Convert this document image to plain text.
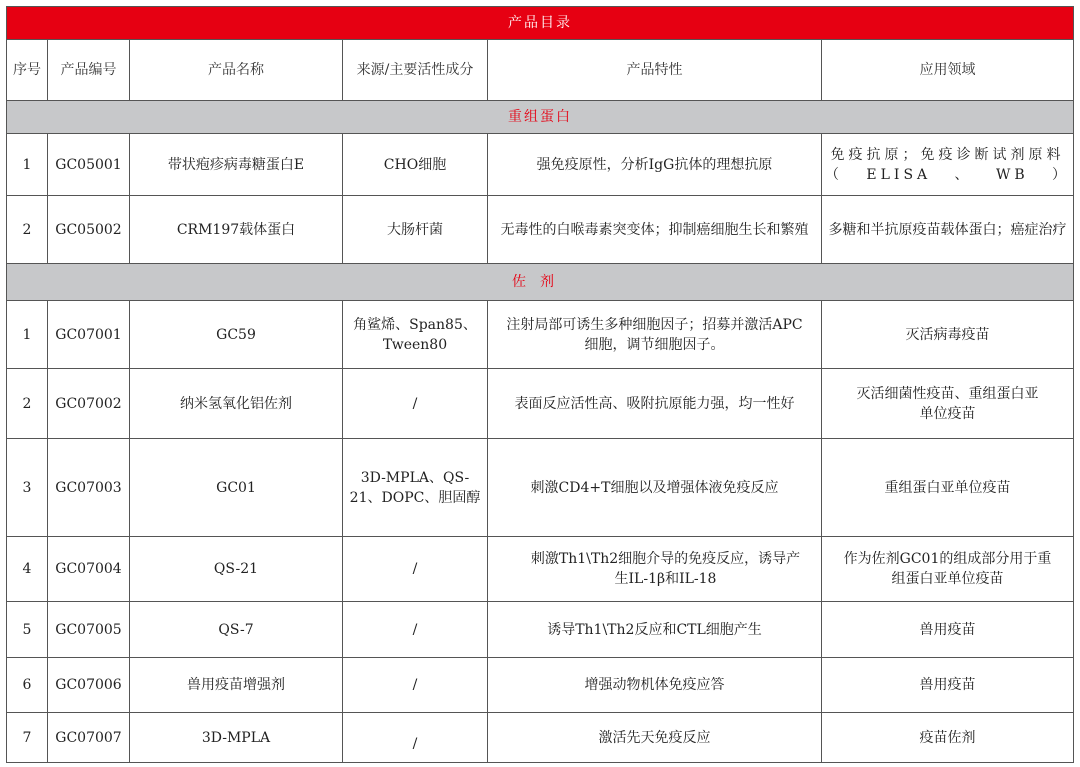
产品目录					
序号	产品编号	产品名称	来源/主要活性成分	产品特性	应用领域
重组蛋白					
1	GC05001	带状疱疹病毒糖蛋白E	CHO细胞	强免疫原性，分析IgG抗体的理想抗原	免疫抗原；免疫诊断试剂原料（ELISA、WB）
2	GC05002	CRM197载体蛋白	大肠杆菌	无毒性的白喉毒素突变体；抑制癌细胞生长和繁殖	多糖和半抗原疫苗载体蛋白；癌症治疗
佐剂					
1	GC07001	GC59	角鲨烯、Span85、Tween80	注射局部可诱生多种细胞因子；招募并激活APC细胞，调节细胞因子。	灭活病毒疫苗
2	GC07002	纳米氢氧化铝佐剂	/	表面反应活性高、吸附抗原能力强，均一性好	灭活细菌性疫苗、重组蛋白亚单位疫苗
3	GC07003	GC01	3D-MPLA、QS-21、DOPC、胆固醇	刺激CD4+T细胞以及增强体液免疫反应	重组蛋白亚单位疫苗
4	GC07004	QS-21	/	刺激Th1\Th2细胞介导的免疫反应，诱导产生IL-1β和IL-18	作为佐剂GC01的组成部分用于重组蛋白亚单位疫苗
5	GC07005	QS-7	/	诱导Th1\Th2反应和CTL细胞产生	兽用疫苗
6	GC07006	兽用疫苗增强剂	/	增强动物机体免疫应答	兽用疫苗
7	GC07007	3D-MPLA	/	激活先天免疫反应	疫苗佐剂
